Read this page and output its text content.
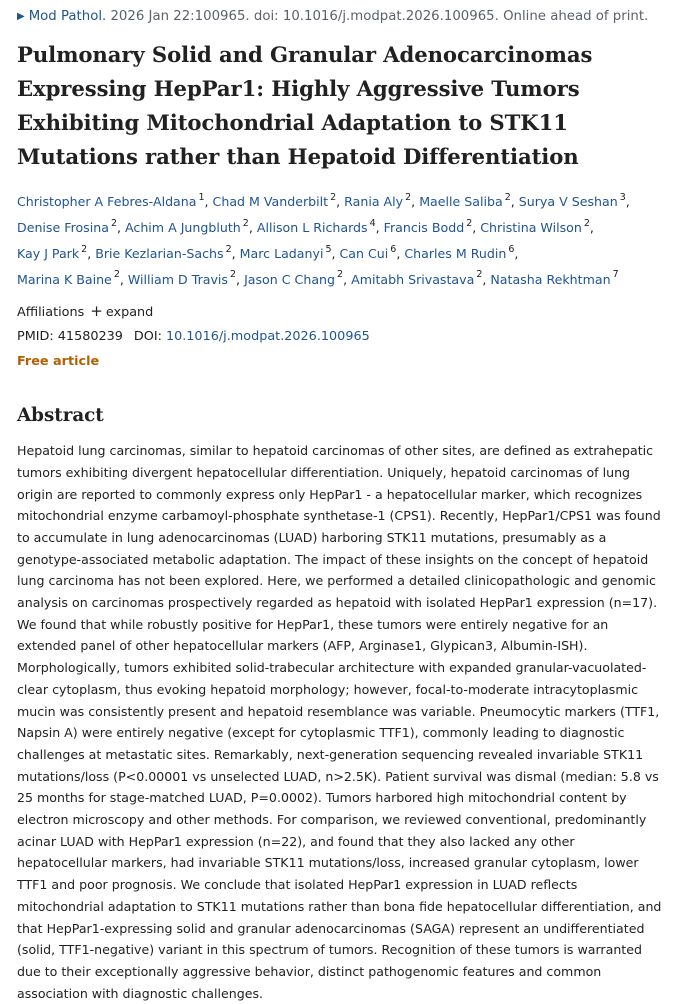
▶ Mod Pathol. 2026 Jan 22:100965. doi: 10.1016/j.modpat.2026.100965. Online ahead of print.
Pulmonary Solid and Granular Adenocarcinomas Expressing HepPar1: Highly Aggressive Tumors Exhibiting Mitochondrial Adaptation to STK11 Mutations rather than Hepatoid Differentiation
Christopher A Febres-Aldana $^1$, Chad M Vanderbilt $^2$, Rania Aly $^2$, Maelle Saliba $^2$, Surya V Seshan $^3$,
Denise Frosina $^2$, Achim A Jungbluth $^2$, Allison L Richards $^4$, Francis Bodd $^2$, Christina Wilson $^2$,
Kay J Park $^2$, Brie Kezlarian-Sachs $^2$, Marc Ladanyi $^5$, Can Cui $^6$, Charles M Rudin $^6$,
Marina K Baine $^2$, William D Travis $^2$, Jason C Chang $^2$, Amitabh Srivastava $^2$, Natasha Rekhtman $^7$
Affiliations + expand
PMID: 41580239 DOI: 10.1016/j.modpat.2026.100965
Free article
Abstract
Hepatoid lung carcinomas, similar to hepatoid carcinomas of other sites, are defined as extrahepatic tumors exhibiting divergent hepatocellular differentiation. Uniquely, hepatoid carcinomas of lung origin are reported to commonly express only HepPar1 - a hepatocellular marker, which recognizes mitochondrial enzyme carbamoyl-phosphate synthetase-1 (CPS1). Recently, HepPar1/CPS1 was found to accumulate in lung adenocarcinomas (LUAD) harboring STK11 mutations, presumably as a genotype-associated metabolic adaptation. The impact of these insights on the concept of hepatoid lung carcinoma has not been explored. Here, we performed a detailed clinicopathologic and genomic analysis on carcinomas prospectively regarded as hepatoid with isolated HepPar1 expression (n=17). We found that while robustly positive for HepPar1, these tumors were entirely negative for an extended panel of other hepatocellular markers (AFP, Arginase1, Glypican3, Albumin-ISH). Morphologically, tumors exhibited solid-trabecular architecture with expanded granular-vacuolated-clear cytoplasm, thus evoking hepatoid morphology; however, focal-to-moderate intracytoplasmic mucin was consistently present and hepatoid resemblance was variable. Pneumocytic markers (TTF1, Napsin A) were entirely negative (except for cytoplasmic TTF1), commonly leading to diagnostic challenges at metastatic sites. Remarkably, next-generation sequencing revealed invariable STK11 mutations/loss (P<0.00001 vs unselected LUAD, n>2.5K). Patient survival was dismal (median: 5.8 vs 25 months for stage-matched LUAD, P=0.0002). Tumors harbored high mitochondrial content by electron microscopy and other methods. For comparison, we reviewed conventional, predominantly acinar LUAD with HepPar1 expression (n=22), and found that they also lacked any other hepatocellular markers, had invariable STK11 mutations/loss, increased granular cytoplasm, lower TTF1 and poor prognosis. We conclude that isolated HepPar1 expression in LUAD reflects mitochondrial adaptation to STK11 mutations rather than bona fide hepatocellular differentiation, and that HepPar1-expressing solid and granular adenocarcinomas (SAGA) represent an undifferentiated (solid, TTF1-negative) variant in this spectrum of tumors. Recognition of these tumors is warranted due to their exceptionally aggressive behavior, distinct pathogenomic features and common association with diagnostic challenges.
